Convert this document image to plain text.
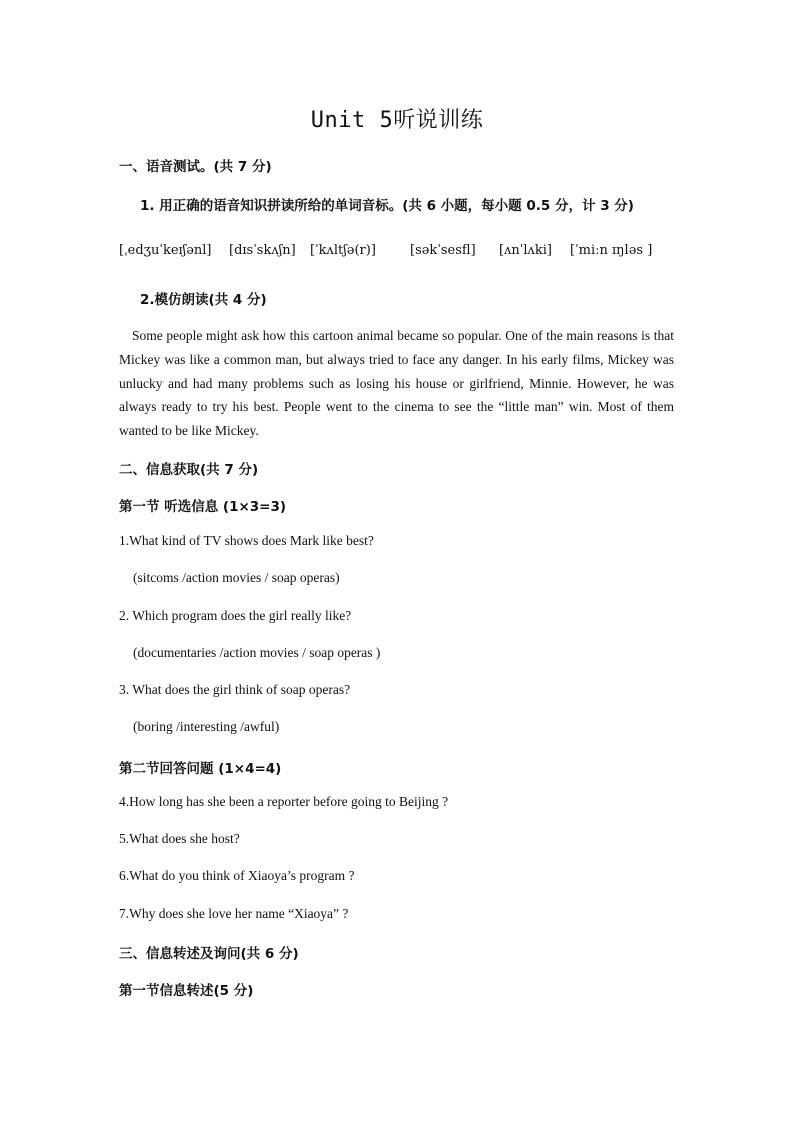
Unit 5听说训练
一、语音测试。(共 7 分)
1. 用正确的语音知识拼读所给的单词音标。(共 6 小题，每小题 0.5 分，计 3 分)
[ˌedʒuˈkeɪʃənl] [dɪsˈskʌʃn] [ˈkʌltʃə(r)]	[səkˈsesfl] [ʌnˈlʌki] [ˈmiːn ɪŋləs ]
2.模仿朗读(共 4 分)
Some people might ask how this cartoon animal became so popular. One of the main reasons is that Mickey was like a common man, but always tried to face any danger. In his early films, Mickey was unlucky and had many problems such as losing his house or girlfriend, Minnie. However, he was always ready to try his best. People went to the cinema to see the “little man” win. Most of them wanted to be like Mickey.
二、信息获取(共 7 分)
第一节 听选信息 (1×3=3)
1.What kind of TV shows does Mark like best?
(sitcoms /action movies / soap operas)
2. Which program does the girl really like?
(documentaries /action movies / soap operas )
3. What does the girl think of soap operas?
(boring /interesting /awful)
第二节回答问题 (1×4=4)
4.How long has she been a reporter before going to Beijing ?
5.What does she host?
6.What do you think of Xiaoya’s program ?
7.Why does she love her name “Xiaoya” ?
三、信息转述及询问(共 6 分)
第一节信息转述(5 分)
